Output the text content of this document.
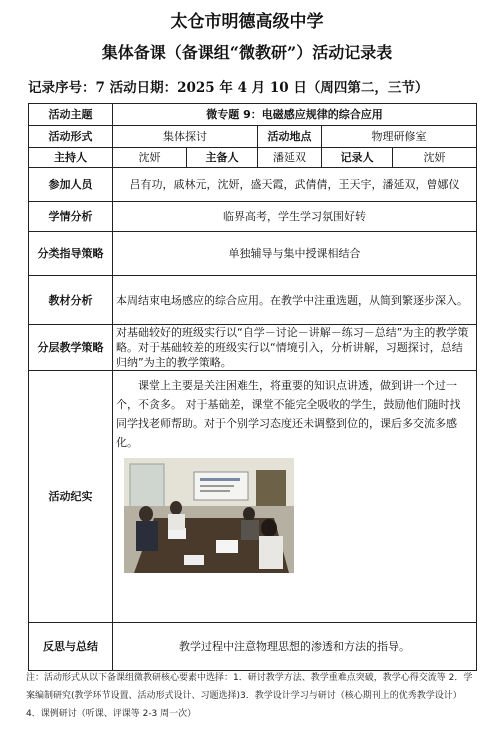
太仓市明德高级中学
集体备课（备课组“微教研”）活动记录表
记录序号：7 活动日期：2025 年 4 月 10 日（周四第二，三节）
活动主题	微专题 9：电磁感应规律的综合应用				
活动形式	集体探讨		活动地点	物理研修室	
主持人	沈妍	主备人	潘延双	记录人	沈妍
参加人员	吕有功，戚林元，沈妍，盛天霞，武倩倩，王天宇，潘延双，曾娜仪				
学情分析	临界高考，学生学习氛围好转				
分类指导策略	单独辅导与集中授课相结合				
教材分析	本周结束电场感应的综合应用。在教学中注重选题，从简到繁逐步深入。				
分层教学策略	对基础较好的班级实行以“自学－讨论－讲解－练习－总结”为主的教学策略。对于基础较差的班级实行以“情境引入，分析讲解，习题探讨，总结归纳”为主的教学策略。				
活动纪实	课堂上主要是关注困难生，将重要的知识点讲透，做到讲一个过一个，不贪多。 对于基础差，课堂不能完全吸收的学生，鼓励他们随时找同学找老师帮助。对于个别学习态度还未调整到位的，课后多交流多感化。				

反思与总结	教学过程中注意物理思想的渗透和方法的指导。				
注：活动形式从以下备课组微教研核心要素中选择：1．研讨教学方法、教学重难点突破，教学心得交流等 2．学案编制研究(教学环节设置、活动形式设计、习题选择)3．教学设计学习与研讨（核心期刊上的优秀教学设计）4．课例研讨（听课、评课等 2-3 周一次）
